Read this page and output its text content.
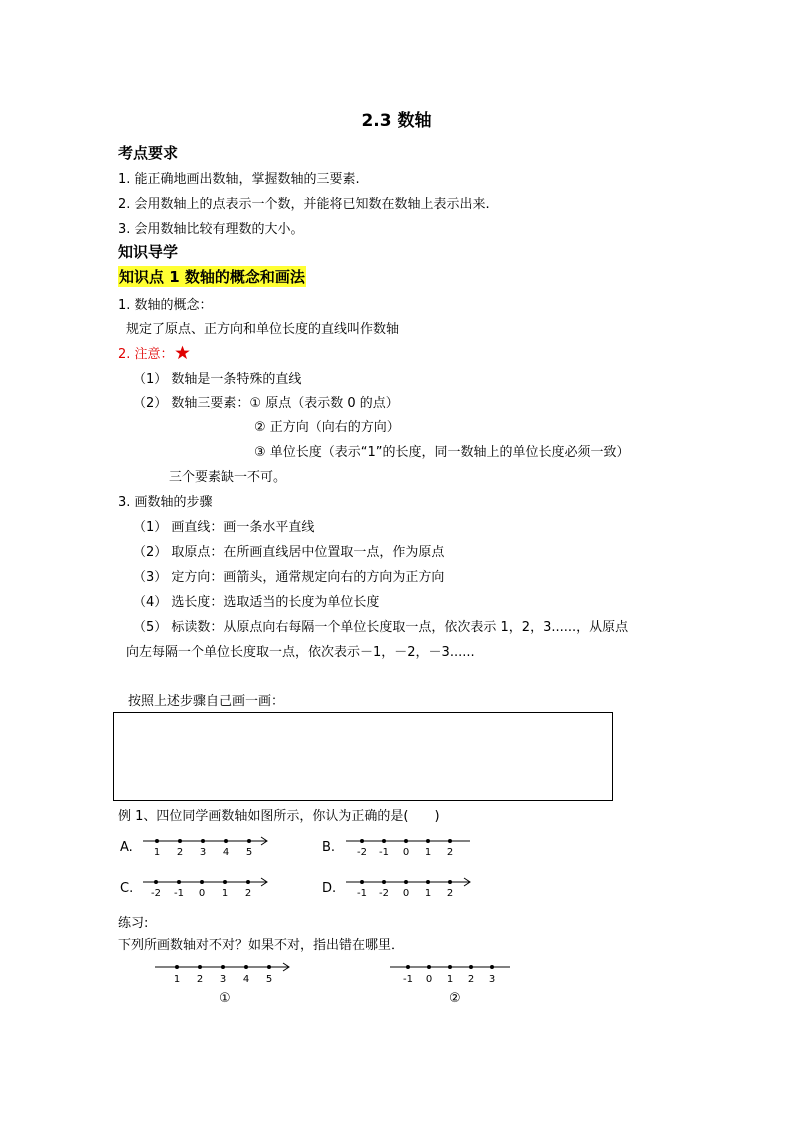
2.3 数轴
考点要求
1. 能正确地画出数轴，掌握数轴的三要素.
2. 会用数轴上的点表示一个数，并能将已知数在数轴上表示出来.
3. 会用数轴比较有理数的大小。
知识导学
知识点 1 数轴的概念和画法
1. 数轴的概念：
规定了原点、正方向和单位长度的直线叫作数轴
2. 注意：
（1） 数轴是一条特殊的直线
（2） 数轴三要素：① 原点（表示数 0 的点）
② 正方向（向右的方向）
③ 单位长度（表示“1”的长度，同一数轴上的单位长度必须一致）
三个要素缺一不可。
3. 画数轴的步骤
（1） 画直线：画一条水平直线
（2） 取原点：在所画直线居中位置取一点，作为原点
（3） 定方向：画箭头，通常规定向右的方向为正方向
（4） 选长度：选取适当的长度为单位长度
（5） 标读数：从原点向右每隔一个单位长度取一点，依次表示 1，2，3......，从原点
向左每隔一个单位长度取一点，依次表示－1，－2，－3......
按照上述步骤自己画一画：
例 1、四位同学画数轴如图所示，你认为正确的是(　　)
A. 1 2 3 4 5	B. -2 -1 0 1 2
C. -2 -1 0 1 2	D. -1 -2 0 1 2
练习:
下列所画数轴对不对？如果不对，指出错在哪里．
1 2 3 4 5
①
-1 0 1 2 3
②
